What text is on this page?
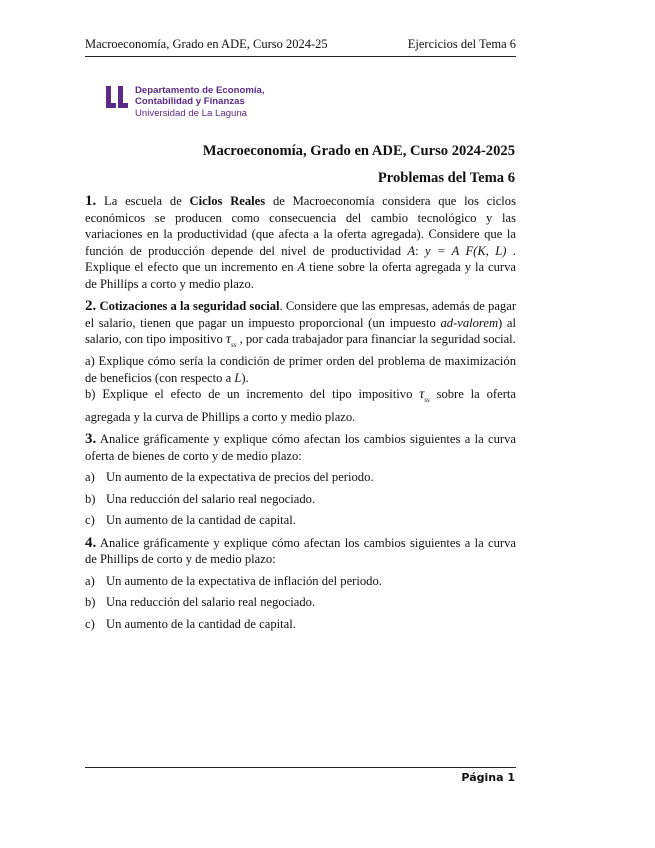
Macroeconomía, Grado en ADE, Curso 2024-25	Ejercicios del Tema 6
Departamento de Economía,
Contabilidad y Finanzas
Universidad de La Laguna
Macroeconomía, Grado en ADE, Curso 2024-2025
Problemas del Tema 6

1. La escuela de Ciclos Reales de Macroeconomía considera que los ciclos económicos se producen como consecuencia del cambio tecnológico y las variaciones en la productividad (que afecta a la oferta agregada). Considere que la función de producción depende del nivel de productividad A: y = A F(K, L) . Explique el efecto que un incremento en A tiene sobre la oferta agregada y la curva de Phillips a corto y medio plazo.

2. Cotizaciones a la seguridad social. Considere que las empresas, además de pagar el salario, tienen que pagar un impuesto proporcional (un impuesto ad-valorem) al salario, con tipo impositivo $\tau_{ss}$ , por cada trabajador para financiar la seguridad social.

a) Explique cómo sería la condición de primer orden del problema de maximización de beneficios (con respecto a L).

b) Explique el efecto de un incremento del tipo impositivo $\tau_{ss}$ sobre la oferta agregada y la curva de Phillips a corto y medio plazo.

3. Analice gráficamente y explique cómo afectan los cambios siguientes a la curva oferta de bienes de corto y de medio plazo:

a) Un aumento de la expectativa de precios del periodo.
b) Una reducción del salario real negociado.
c) Un aumento de la cantidad de capital.

4. Analice gráficamente y explique cómo afectan los cambios siguientes a la curva de Phillips de corto y de medio plazo:

a) Un aumento de la expectativa de inflación del periodo.
b) Una reducción del salario real negociado.
c) Un aumento de la cantidad de capital.
Página 1
